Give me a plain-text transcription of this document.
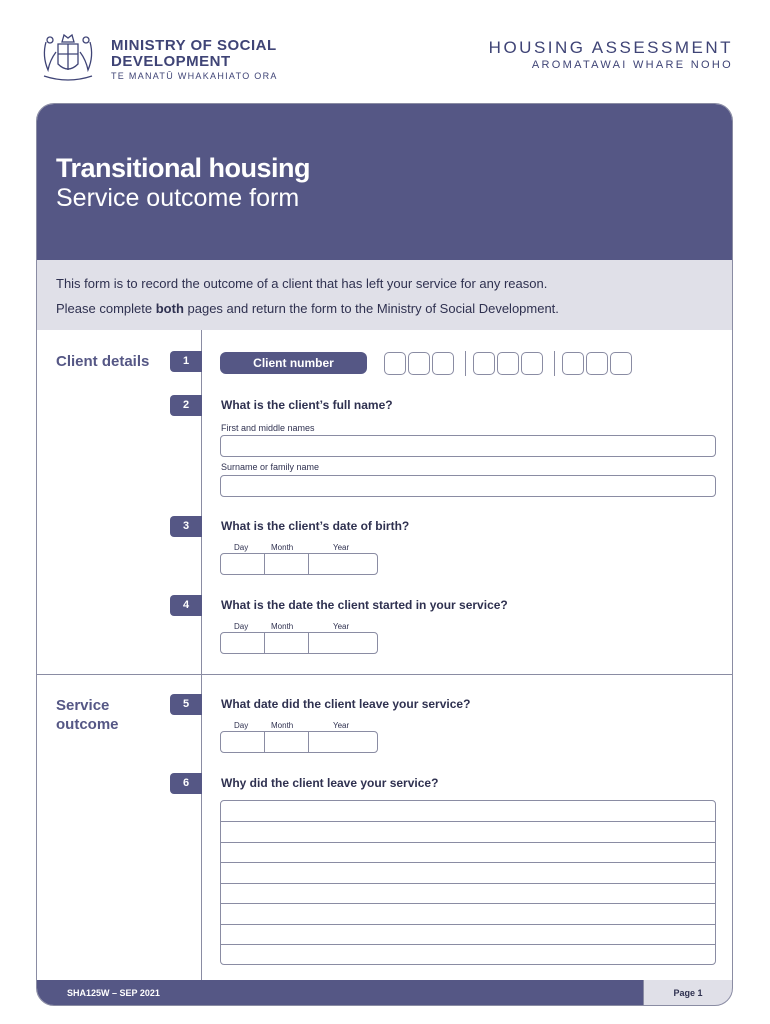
MINISTRY OF SOCIAL
DEVELOPMENT
TE MANATŪ WHAKAHIATO ORA
HOUSING ASSESSMENT
AROMATAWAI WHARE NOHO
Transitional housing
Service outcome form
This form is to record the outcome of a client that has left your service for any reason.
Please complete both pages and return the form to the Ministry of Social Development.
Client details
Service
outcome
1	Client number
2	What is the client’s full name?
First and middle names
Surname or family name
3	What is the client’s date of birth?
Day	Month	Year
4	What is the date the client started in your service?
Day	Month	Year
5	What date did the client leave your service?
Day	Month	Year
6	Why did the client leave your service?
SHA125W – SEP 2021	Page 1
